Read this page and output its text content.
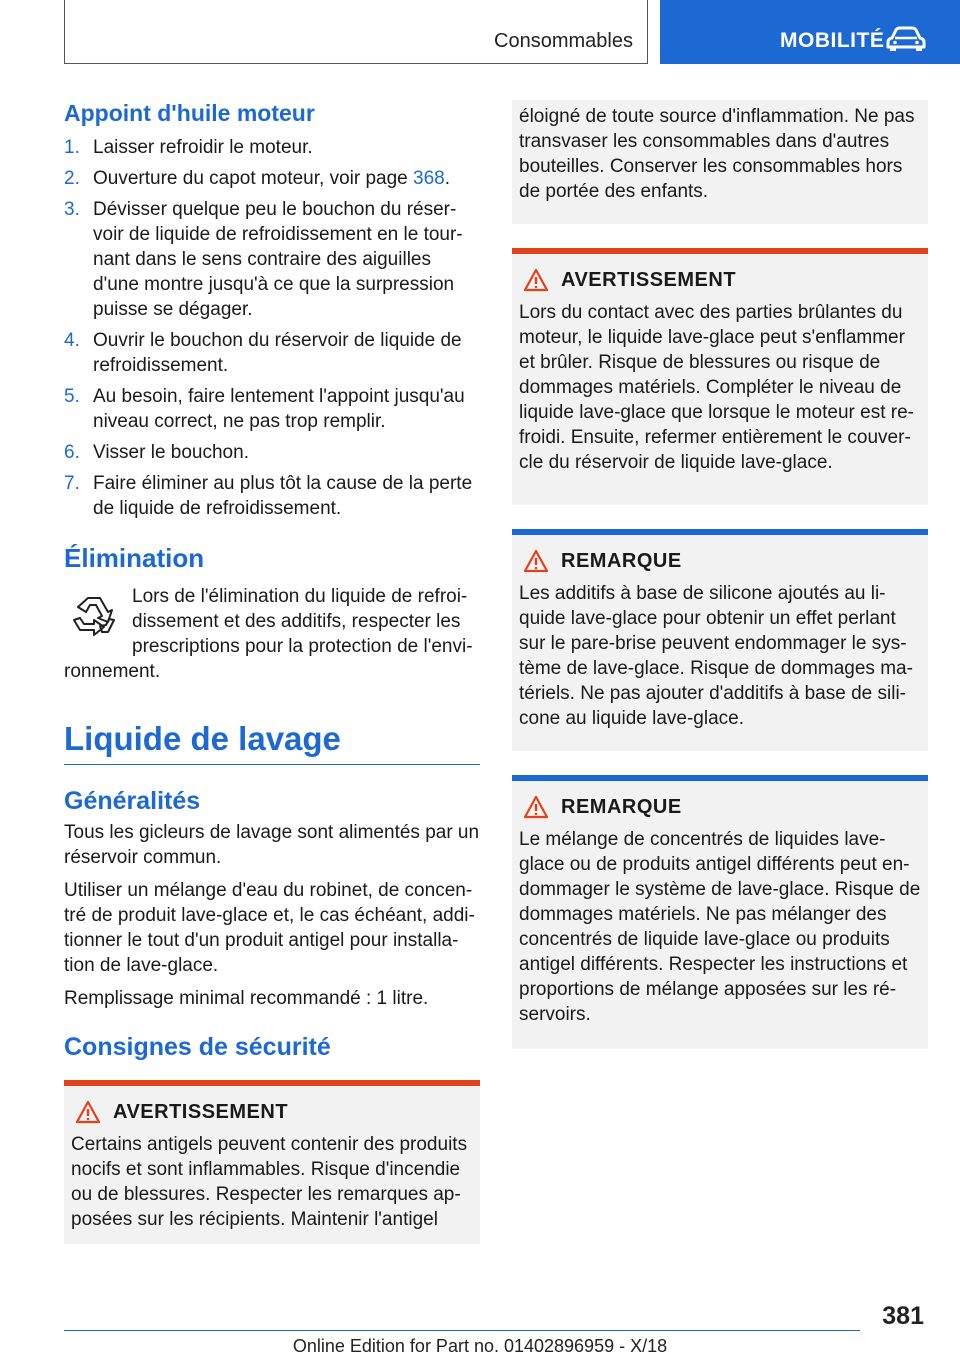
Consommables	MOBILITÉ
Appoint d'huile moteur
1. Laisser refroidir le moteur.
2. Ouverture du capot moteur, voir page 368.
3. Dévisser quelque peu le bouchon du réser-voir de liquide de refroidissement en le tour-nant dans le sens contraire des aiguilles d'une montre jusqu'à ce que la surpression puisse se dégager.
4. Ouvrir le bouchon du réservoir de liquide de refroidissement.
5. Au besoin, faire lentement l'appoint jusqu'au niveau correct, ne pas trop remplir.
6. Visser le bouchon.
7. Faire éliminer au plus tôt la cause de la perte de liquide de refroidissement.
Élimination

Lors de l'élimination du liquide de refroi-dissement et des additifs, respecter les prescriptions pour la protection de l'envi-ronnement.

Liquide de lavage
Généralités

Tous les gicleurs de lavage sont alimentés par un réservoir commun.

Utiliser un mélange d'eau du robinet, de concen-tré de produit lave-glace et, le cas échéant, addi-tionner le tout d'un produit antigel pour installa-tion de lave-glace.

Remplissage minimal recommandé : 1 litre.

Consignes de sécurité
AVERTISSEMENT

Certains antigels peuvent contenir des produits nocifs et sont inflammables. Risque d'incendie ou de blessures. Respecter les remarques ap-posées sur les récipients. Maintenir l'antigel

éloigné de toute source d'inflammation. Ne pas transvaser les consommables dans d'autres bouteilles. Conserver les consommables hors de portée des enfants.

AVERTISSEMENT

Lors du contact avec des parties brûlantes du moteur, le liquide lave-glace peut s'enflammer et brûler. Risque de blessures ou risque de dommages matériels. Compléter le niveau de liquide lave-glace que lorsque le moteur est re-froidi. Ensuite, refermer entièrement le couver-cle du réservoir de liquide lave-glace.

REMARQUE

Les additifs à base de silicone ajoutés au li-quide lave-glace pour obtenir un effet perlant sur le pare-brise peuvent endommager le sys-tème de lave-glace. Risque de dommages ma-tériels. Ne pas ajouter d'additifs à base de sili-cone au liquide lave-glace.

REMARQUE

Le mélange de concentrés de liquides lave-glace ou de produits antigel différents peut en-dommager le système de lave-glace. Risque de dommages matériels. Ne pas mélanger des concentrés de liquide lave-glace ou produits antigel différents. Respecter les instructions et proportions de mélange apposées sur les ré-servoirs.

381
Online Edition for Part no. 01402896959 - X/18
